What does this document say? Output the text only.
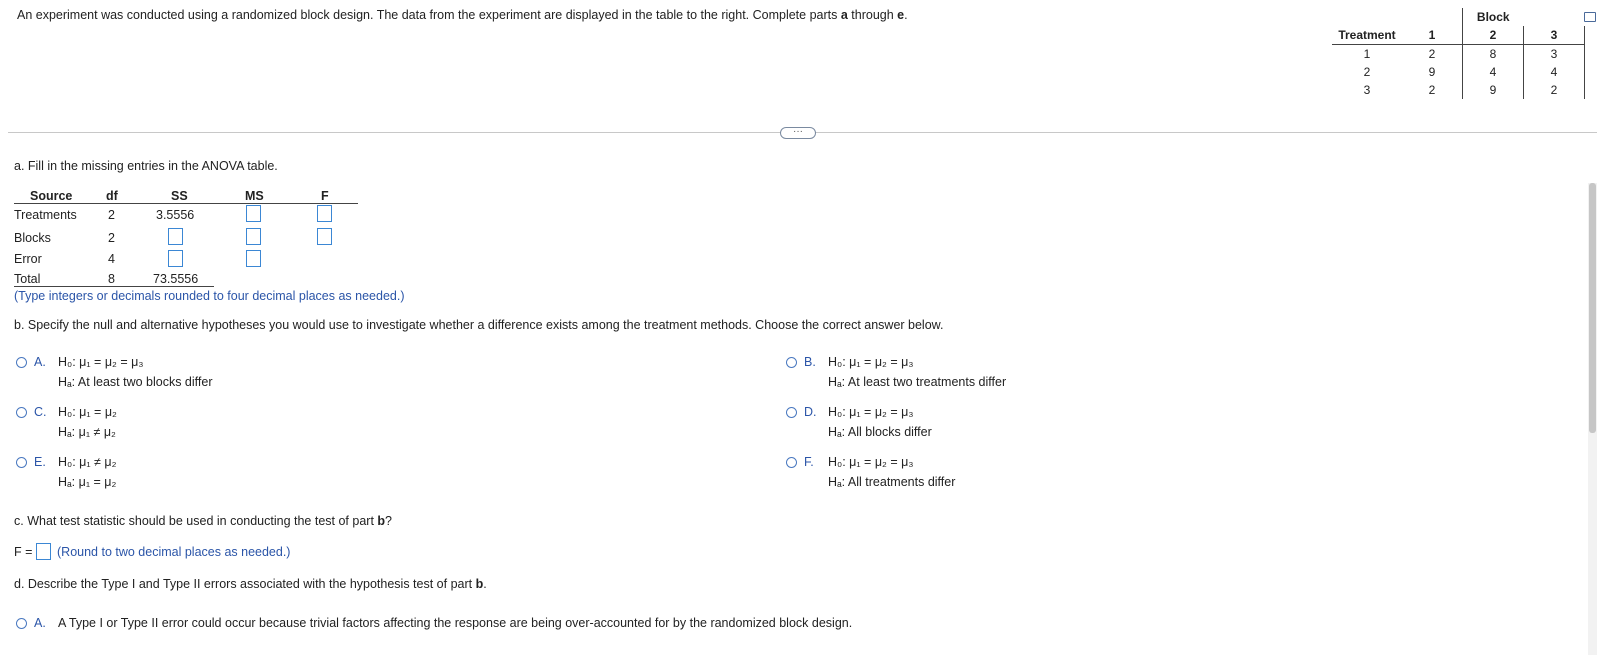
An experiment was conducted using a randomized block design. The data from the experiment are displayed in the table to the right. Complete parts a through e.
			Block	
Treatment	1	2	3
1	2	8	3
2	9	4	4
3	2	9	2
···
a. Fill in the missing entries in the ANOVA table.
Source	df	SS	MS	F
Treatments 2	3.5556
Blocks	2
Error	4
Total	8	73.5556
(Type integers or decimals rounded to four decimal places as needed.)
b. Specify the null and alternative hypotheses you would use to investigate whether a difference exists among the treatment methods. Choose the correct answer below.
A. H₀: μ₁ = μ₂ = μ₃
Hₐ: At least two blocks differ
B. H₀: μ₁ = μ₂ = μ₃
Hₐ: At least two treatments differ
C. H₀: μ₁ = μ₂
Hₐ: μ₁ ≠ μ₂
D. H₀: μ₁ = μ₂ = μ₃
Hₐ: All blocks differ
E. H₀: μ₁ ≠ μ₂
Hₐ: μ₁ = μ₂
F. H₀: μ₁ = μ₂ = μ₃
Hₐ: All treatments differ
c. What test statistic should be used in conducting the test of part b?
F = (Round to two decimal places as needed.)
d. Describe the Type I and Type II errors associated with the hypothesis test of part b.
A. A Type I or Type II error could occur because trivial factors affecting the response are being over-accounted for by the randomized block design.
